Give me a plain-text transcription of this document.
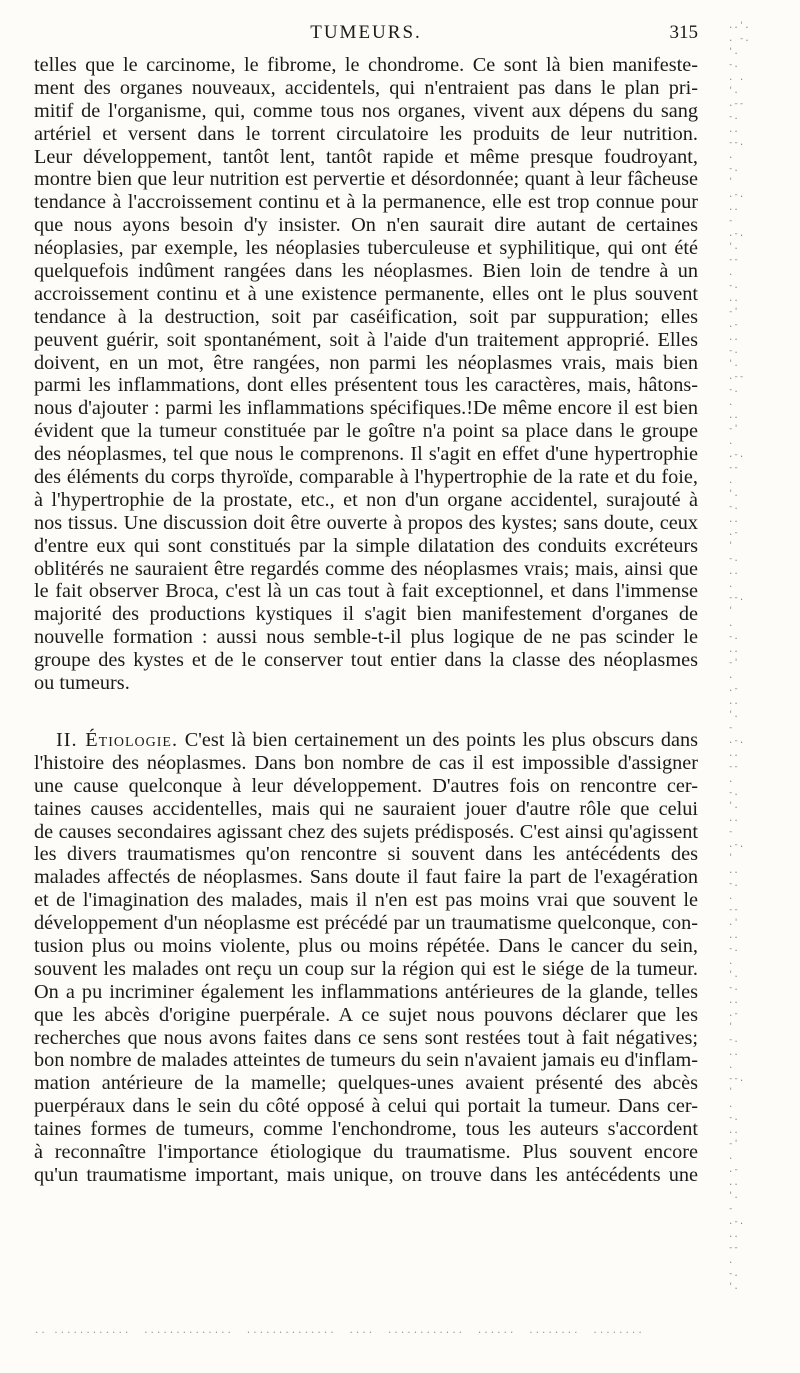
TUMEURS.	315
telles que le carcinome, le fibrome, le chondrome. Ce sont là bien manifeste-
ment des organes nouveaux, accidentels, qui n'entraient pas dans le plan pri-
mitif de l'organisme, qui, comme tous nos organes, vivent aux dépens du sang
artériel et versent dans le torrent circulatoire les produits de leur nutrition.
Leur développement, tantôt lent, tantôt rapide et même presque foudroyant,
montre bien que leur nutrition est pervertie et désordonnée; quant à leur fâcheuse
tendance à l'accroissement continu et à la permanence, elle est trop connue pour
que nous ayons besoin d'y insister. On n'en saurait dire autant de certaines
néoplasies, par exemple, les néoplasies tuberculeuse et syphilitique, qui ont été
quelquefois indûment rangées dans les néoplasmes. Bien loin de tendre à un
accroissement continu et à une existence permanente, elles ont le plus souvent
tendance à la destruction, soit par caséification, soit par suppuration; elles
peuvent guérir, soit spontanément, soit à l'aide d'un traitement approprié. Elles
doivent, en un mot, être rangées, non parmi les néoplasmes vrais, mais bien
parmi les inflammations, dont elles présentent tous les caractères, mais, hâtons-
nous d'ajouter : parmi les inflammations spécifiques.!De même encore il est bien
évident que la tumeur constituée par le goître n'a point sa place dans le groupe
des néoplasmes, tel que nous le comprenons. Il s'agit en effet d'une hypertrophie
des éléments du corps thyroïde, comparable à l'hypertrophie de la rate et du foie,
à l'hypertrophie de la prostate, etc., et non d'un organe accidentel, surajouté à
nos tissus. Une discussion doit être ouverte à propos des kystes; sans doute, ceux
d'entre eux qui sont constitués par la simple dilatation des conduits excréteurs
oblitérés ne sauraient être regardés comme des néoplasmes vrais; mais, ainsi que
le fait observer Broca, c'est là un cas tout à fait exceptionnel, et dans l'immense
majorité des productions kystiques il s'agit bien manifestement d'organes de
nouvelle formation : aussi nous semble-t-il plus logique de ne pas scinder le
groupe des kystes et de le conserver tout entier dans la classe des néoplasmes
ou tumeurs.
II. Étiologie. C'est là bien certainement un des points les plus obscurs dans
l'histoire des néoplasmes. Dans bon nombre de cas il est impossible d'assigner
une cause quelconque à leur développement. D'autres fois on rencontre cer-
taines causes accidentelles, mais qui ne sauraient jouer d'autre rôle que celui
de causes secondaires agissant chez des sujets prédisposés. C'est ainsi qu'agissent
les divers traumatismes qu'on rencontre si souvent dans les antécédents des
malades affectés de néoplasmes. Sans doute il faut faire la part de l'exagération
et de l'imagination des malades, mais il n'en est pas moins vrai que souvent le
développement d'un néoplasme est précédé par un traumatisme quelconque, con-
tusion plus ou moins violente, plus ou moins répétée. Dans le cancer du sein,
souvent les malades ont reçu un coup sur la région qui est le siége de la tumeur.
On a pu incriminer également les inflammations antérieures de la glande, telles
que les abcès d'origine puerpérale. A ce sujet nous pouvons déclarer que les
recherches que nous avons faites dans ce sens sont restées tout à fait négatives;
bon nombre de malades atteintes de tumeurs du sein n'avaient jamais eu d'inflam-
mation antérieure de la mamelle; quelques-unes avaient présenté des abcès
puerpéraux dans le sein du côté opposé à celui qui portait la tumeur. Dans cer-
taines formes de tumeurs, comme l'enchondrome, tous les auteurs s'accordent
à reconnaître l'importance étiologique du traumatisme. Plus souvent encore
qu'un traumatisme important, mais unique, on trouve dans les antécédents une
..'.
. -.
'.
-.
. .
'.
.--
-.
..
--.
.
-.
'
.-.
..
-
.-.
'.
--
.
-.
..
-'
.-
..
-.
'.
.--
-.
.
..
-'
.
.-.
--
.
'.
-.
..
.-
'
-.
..
.
--.
'
.
-.
..
-'
.
.-
..
'.
-
.-.
..
--
.
-.
'.
..
-
.-.
'
..
-.
.
--
.'
..
-.
.
'.
-.
..
.-
'
-.
..
.
--.
'
.
-.
..
-'
.
.-
..
'.
-
.-.
..
--
.
-.
'.
.. ............  ..............  ..............  ....  ............  ......  ........  ........
